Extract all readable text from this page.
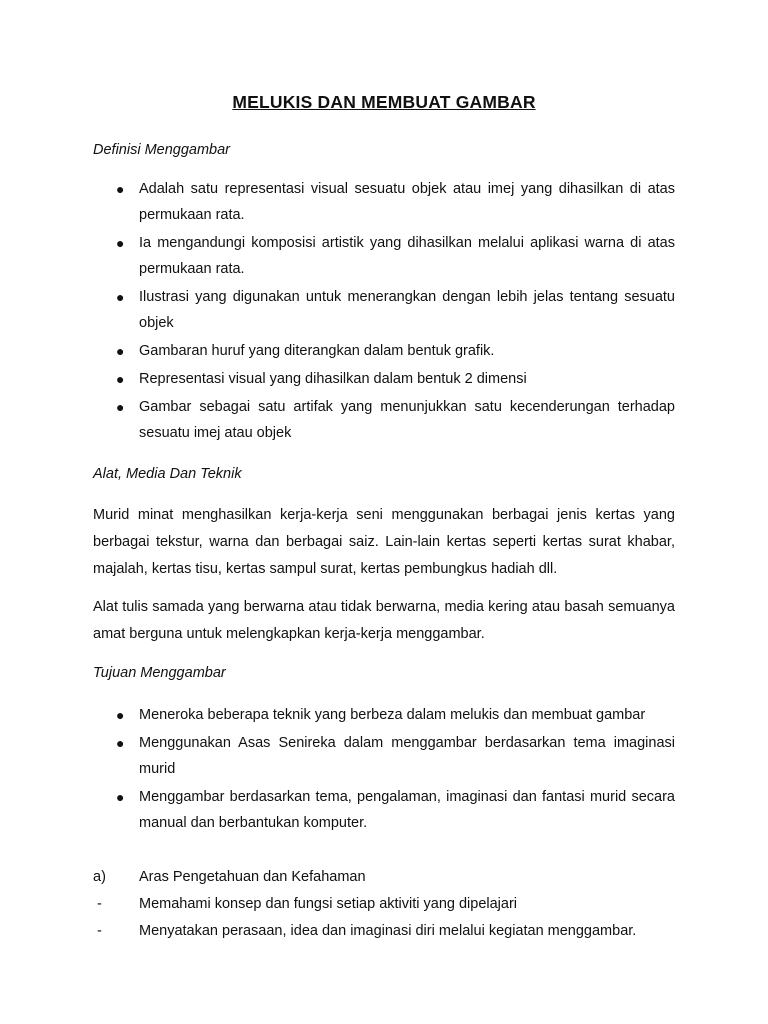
MELUKIS DAN MEMBUAT GAMBAR
Definisi Menggambar
● Adalah satu representasi visual sesuatu objek atau imej yang dihasilkan di atas permukaan rata.
● Ia mengandungi komposisi artistik yang dihasilkan melalui aplikasi warna di atas permukaan rata.
● Ilustrasi yang digunakan untuk menerangkan dengan lebih jelas tentang sesuatu objek
● Gambaran huruf yang diterangkan dalam bentuk grafik.
● Representasi visual yang dihasilkan dalam bentuk 2 dimensi
● Gambar sebagai satu artifak yang menunjukkan satu kecenderungan terhadap sesuatu imej atau objek
Alat, Media Dan Teknik

Murid minat menghasilkan kerja-kerja seni menggunakan berbagai jenis kertas yang berbagai tekstur, warna dan berbagai saiz. Lain-lain kertas seperti kertas surat khabar, majalah, kertas tisu, kertas sampul surat, kertas pembungkus hadiah dll.

Alat tulis samada yang berwarna atau tidak berwarna, media kering atau basah semuanya amat berguna untuk melengkapkan kerja-kerja menggambar.

Tujuan Menggambar
● Meneroka beberapa teknik yang berbeza dalam melukis dan membuat gambar
● Menggunakan Asas Senireka dalam menggambar berdasarkan tema imaginasi murid
● Menggambar berdasarkan tema, pengalaman, imaginasi dan fantasi murid secara manual dan berbantukan komputer.
a) Aras Pengetahuan dan Kefahaman
-	Memahami konsep dan fungsi setiap aktiviti yang dipelajari
-	Menyatakan perasaan, idea dan imaginasi diri melalui kegiatan menggambar.
